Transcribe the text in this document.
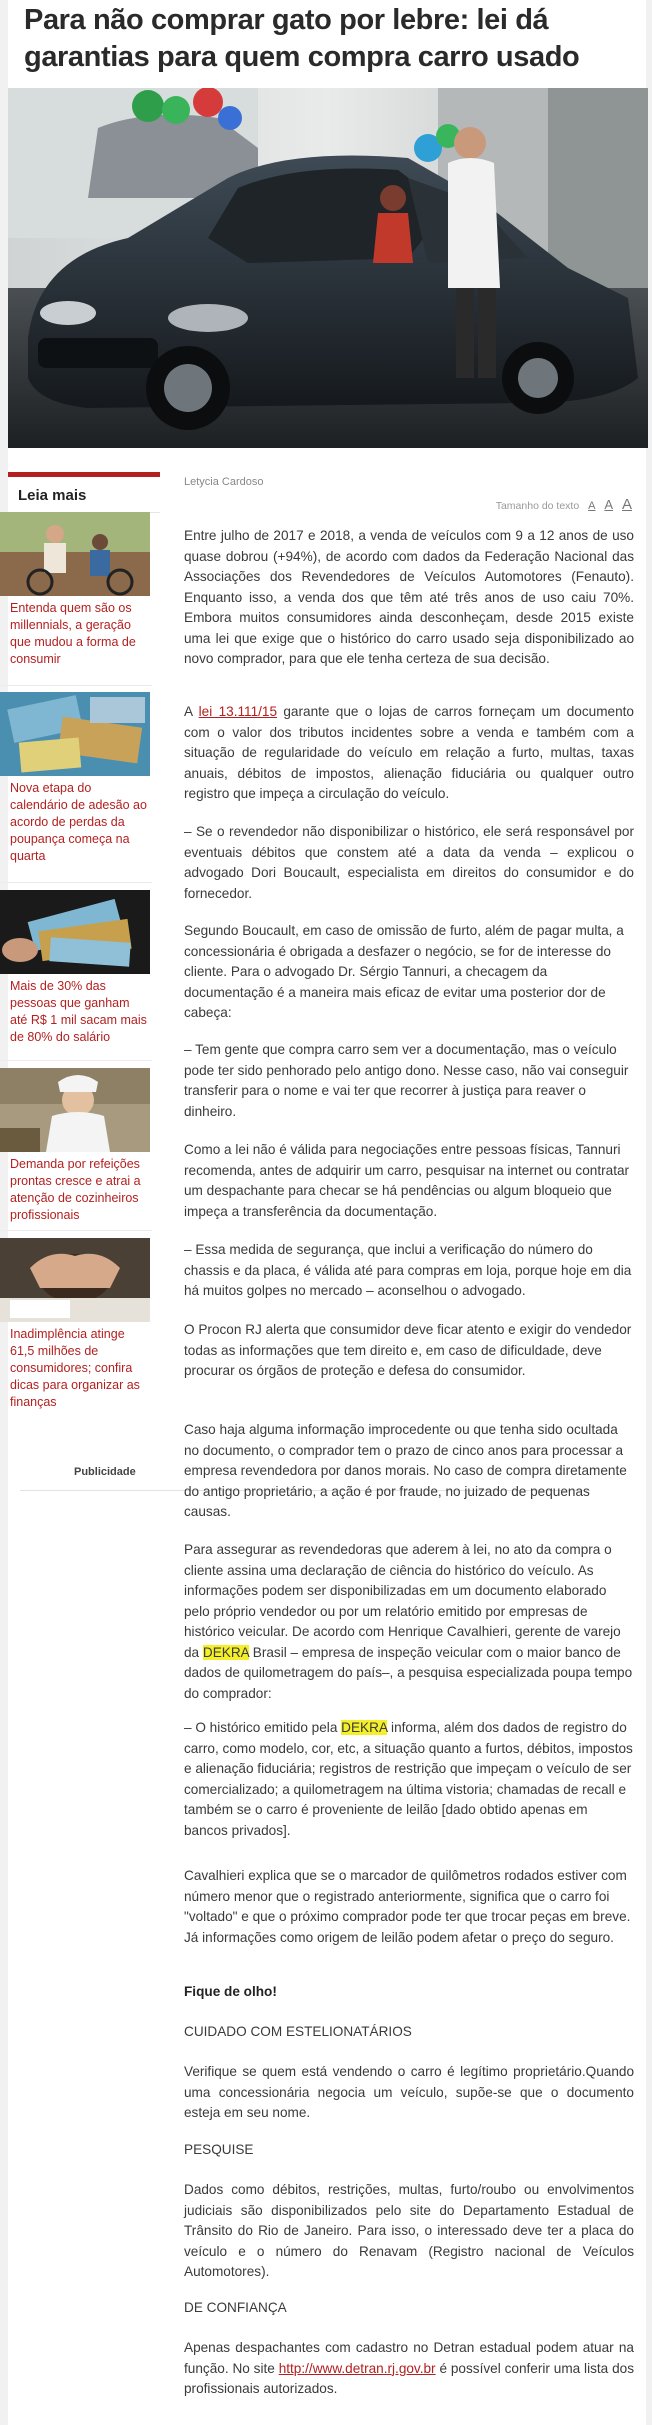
Para não comprar gato por lebre: lei dá garantias para quem compra carro usado
Leia mais
Entenda quem são os millennials, a geração que mudou a forma de consumir
Nova etapa do calendário de adesão ao acordo de perdas da poupança começa na quarta
Mais de 30% das pessoas que ganham até R$ 1 mil sacam mais de 80% do salário
Demanda por refeições prontas cresce e atrai a atenção de cozinheiros profissionais
Inadimplência atinge 61,5 milhões de consumidores; confira dicas para organizar as finanças
Publicidade
Letycia Cardoso
Tamanho do texto A A A

Entre julho de 2017 e 2018, a venda de veículos com 9 a 12 anos de uso quase dobrou (+94%), de acordo com dados da Federação Nacional das Associações dos Revendedores de Veículos Automotores (Fenauto). Enquanto isso, a venda dos que têm até três anos de uso caiu 70%. Embora muitos consumidores ainda desconheçam, desde 2015 existe uma lei que exige que o histórico do carro usado seja disponibilizado ao novo comprador, para que ele tenha certeza de sua decisão.

A lei 13.111/15 garante que o lojas de carros forneçam um documento com o valor dos tributos incidentes sobre a venda e também com a situação de regularidade do veículo em relação a furto, multas, taxas anuais, débitos de impostos, alienação fiduciária ou qualquer outro registro que impeça a circulação do veículo.

– Se o revendedor não disponibilizar o histórico, ele será responsável por eventuais débitos que constem até a data da venda – explicou o advogado Dori Boucault, especialista em direitos do consumidor e do fornecedor.

Segundo Boucault, em caso de omissão de furto, além de pagar multa, a concessionária é obrigada a desfazer o negócio, se for de interesse do cliente. Para o advogado Dr. Sérgio Tannuri, a checagem da documentação é a maneira mais eficaz de evitar uma posterior dor de cabeça:

– Tem gente que compra carro sem ver a documentação, mas o veículo pode ter sido penhorado pelo antigo dono. Nesse caso, não vai conseguir transferir para o nome e vai ter que recorrer à justiça para reaver o dinheiro.

Como a lei não é válida para negociações entre pessoas físicas, Tannuri recomenda, antes de adquirir um carro, pesquisar na internet ou contratar um despachante para checar se há pendências ou algum bloqueio que impeça a transferência da documentação.

– Essa medida de segurança, que inclui a verificação do número do chassis e da placa, é válida até para compras em loja, porque hoje em dia há muitos golpes no mercado – aconselhou o advogado.

O Procon RJ alerta que consumidor deve ficar atento e exigir do vendedor todas as informações que tem direito e, em caso de dificuldade, deve procurar os órgãos de proteção e defesa do consumidor.

Caso haja alguma informação improcedente ou que tenha sido ocultada no documento, o comprador tem o prazo de cinco anos para processar a empresa revendedora por danos morais. No caso de compra diretamente do antigo proprietário, a ação é por fraude, no juizado de pequenas causas.

Para assegurar as revendedoras que aderem à lei, no ato da compra o cliente assina uma declaração de ciência do histórico do veículo. As informações podem ser disponibilizadas em um documento elaborado pelo próprio vendedor ou por um relatório emitido por empresas de histórico veicular. De acordo com Henrique Cavalhieri, gerente de varejo da DEKRA Brasil – empresa de inspeção veicular com o maior banco de dados de quilometragem do país–, a pesquisa especializada poupa tempo do comprador:

– O histórico emitido pela DEKRA informa, além dos dados de registro do carro, como modelo, cor, etc, a situação quanto a furtos, débitos, impostos e alienação fiduciária; registros de restrição que impeçam o veículo de ser comercializado; a quilometragem na última vistoria; chamadas de recall e também se o carro é proveniente de leilão [dado obtido apenas em bancos privados].

Cavalhieri explica que se o marcador de quilômetros rodados estiver com número menor que o registrado anteriormente, significa que o carro foi "voltado" e que o próximo comprador pode ter que trocar peças em breve. Já informações como origem de leilão podem afetar o preço do seguro.

Fique de olho!

CUIDADO COM ESTELIONATÁRIOS

Verifique se quem está vendendo o carro é legítimo proprietário.Quando uma concessionária negocia um veículo, supõe-se que o documento esteja em seu nome.

PESQUISE

Dados como débitos, restrições, multas, furto/roubo ou envolvimentos judiciais são disponibilizados pelo site do Departamento Estadual de Trânsito do Rio de Janeiro. Para isso, o interessado deve ter a placa do veículo e o número do Renavam (Registro nacional de Veículos Automotores).

DE CONFIANÇA

Apenas despachantes com cadastro no Detran estadual podem atuar na função. No site http://www.detran.rj.gov.br é possível conferir uma lista dos profissionais autorizados.
